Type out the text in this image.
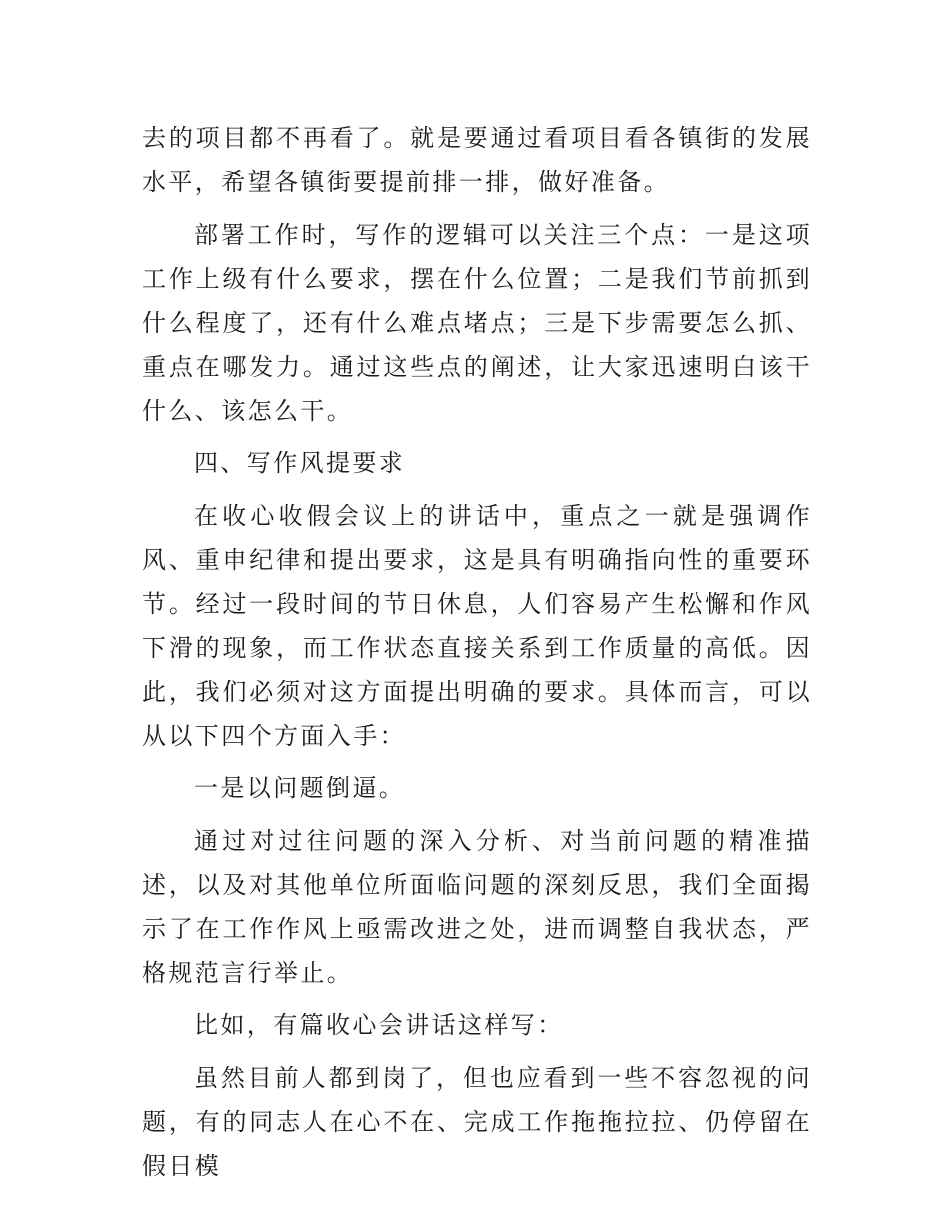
去的项目都不再看了。就是要通过看项目看各镇街的发展水平，希望各镇街要提前排一排，做好准备。

部署工作时，写作的逻辑可以关注三个点：一是这项工作上级有什么要求，摆在什么位置；二是我们节前抓到什么程度了，还有什么难点堵点；三是下步需要怎么抓、重点在哪发力。通过这些点的阐述，让大家迅速明白该干什么、该怎么干。

四、写作风提要求

在收心收假会议上的讲话中，重点之一就是强调作风、重申纪律和提出要求，这是具有明确指向性的重要环节。经过一段时间的节日休息，人们容易产生松懈和作风下滑的现象，而工作状态直接关系到工作质量的高低。因此，我们必须对这方面提出明确的要求。具体而言，可以从以下四个方面入手：

一是以问题倒逼。

通过对过往问题的深入分析、对当前问题的精准描述，以及对其他单位所面临问题的深刻反思，我们全面揭示了在工作作风上亟需改进之处，进而调整自我状态，严格规范言行举止。

比如，有篇收心会讲话这样写：

虽然目前人都到岗了，但也应看到一些不容忽视的问题，有的同志人在心不在、完成工作拖拖拉拉、仍停留在假日模
